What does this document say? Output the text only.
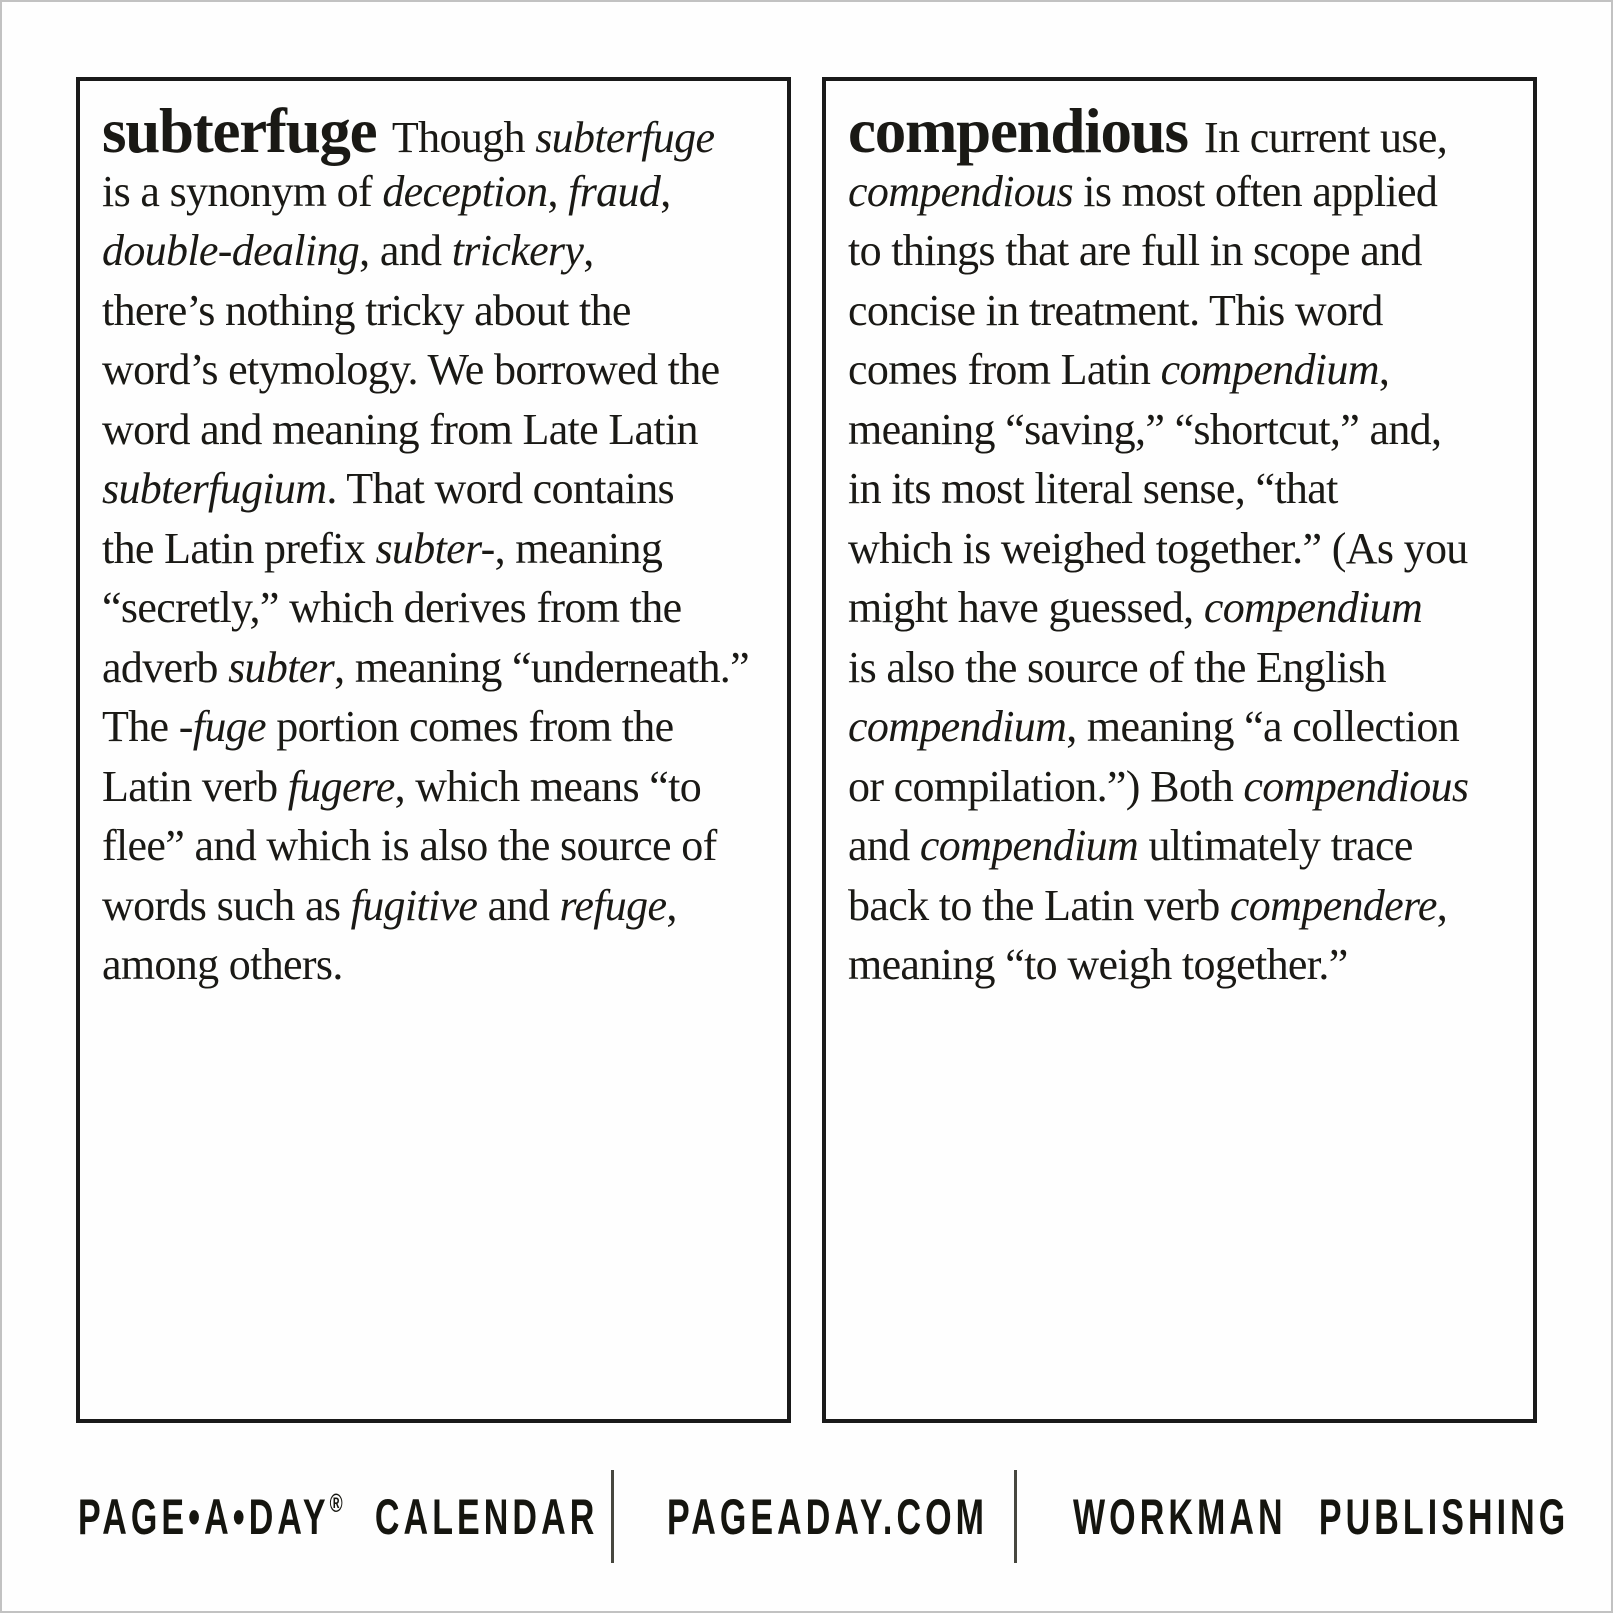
subterfuge Though subterfuge
is a synonym of deception, fraud,
double-dealing, and trickery,
there’s nothing tricky about the
word’s etymology. We borrowed the
word and meaning from Late Latin
subterfugium. That word contains
the Latin prefix subter-, meaning
“secretly,” which derives from the
adverb subter, meaning “underneath.”
The -fuge portion comes from the
Latin verb fugere, which means “to
flee” and which is also the source of
words such as fugitive and refuge,
among others.
compendious In current use,
compendious is most often applied
to things that are full in scope and
concise in treatment. This word
comes from Latin compendium,
meaning “saving,” “shortcut,” and,
in its most literal sense, “that
which is weighed together.” (As you
might have guessed, compendium
is also the source of the English
compendium, meaning “a collection
or compilation.”) Both compendious
and compendium ultimately trace
back to the Latin verb compendere,
meaning “to weigh together.”
PAGE•A•DAY® CALENDAR PAGEADAY.COM WORKMAN PUBLISHING
